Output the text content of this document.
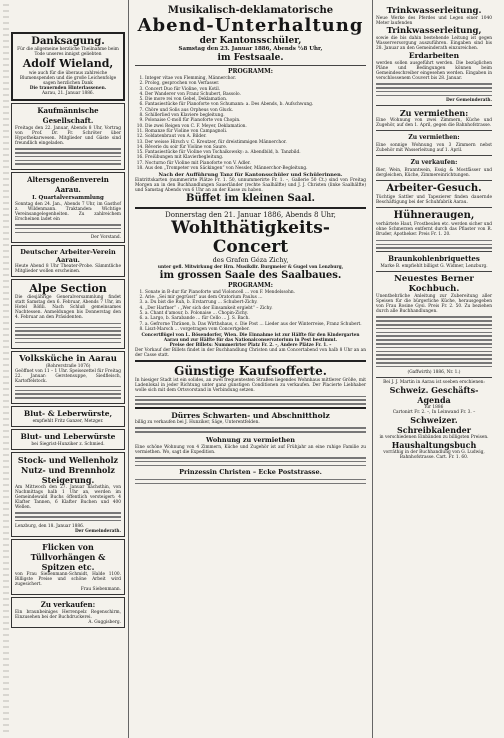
Danksagung.
Für die allgemeine herzliche Theilnahme beim Tode unseres innigst geliebten
Adolf Wieland,
wie auch für die überaus zahlreiche Blumenspenden und die große Leichenfolge sagen herzlichen Dank
Die trauernden Hinterlassenen.
Aarau, 21. Januar 1886.
Kaufmännische Gesellschaft.
Freitags den 22. Januar, Abends 8 Uhr, Vortrag von Prof. Dr. Fr. Schröter über Hypothekarwesen. Mitglieder und Gäste sind freundlich eingeladen.
Altersgenoßenverein Aarau.
I. Quartalversammlung
Sonntag den 24. Jan., Abends 7 Uhr, im Gasthof z. Wildenmann. Traktanden: Wichtige Vereinsangelegenheiten. Zu zahlreichem Erscheinen ladet ein
Der Vorstand.
Deutscher Arbeiter-Verein Aarau.
Heute Abend 8 Uhr Theater-Probe. Sämmtliche Mitglieder wollen erscheinen.
Alpe Section
Die diesjährige Generalversammlung findet statt Samstag den 6. Februar, Abends 7 Uhr, im Hotel Rößli. Nach Schluß gemeinsames Nachtessen. Anmeldungen bis Donnerstag den 4. Februar an den Präsidenten.
Volksküche in Aarau
(Rohrerstraße 1076)
Geöffnet von 11 – 1 Uhr. Speisezettel für Freitag 22. Januar: Gerstensuppe, Siedfleisch, Kartoffelstock.
Blut- & Leberwürste,
empfiehlt Fritz Ganzer, Metzger.
Blut- und Leberwürste
bei Siegrist-Hunziker z. Schmied.
Stock- und Wellenholz
Nutz- und Brennholz
Steigerung.
Am Mittwoch den 27. Januar nächsthin, von Nachmittags halb 1 Uhr an, werden im Gemeindewald Buchs öffentlich versteigert: 4 Klafter Tannen, 6 Klafter Buchen und 400 Wellen.
Lenzburg, den 18. Januar 1886.
Der Gemeinderath.
Flicken von Tüllvorhängen & Spitzen etc.
von Frau Siebenmann-Schmidt, Halde 1100. Billigste Preise und schöne Arbeit wird zugesichert.
Frau Siebenmann.
Zu verkaufen:
Ein braunbeiniges Herrenpelz Regenschirm, Einzusehen bei der Buchdruckerei.
A. Guggisberg.
Musikalisch-deklamatorische
Abend-Unterhaltung
der Kantonsschüler,
Samstag den 23. Januar 1886, Abends ½8 Uhr,
im Festsaale.
PROGRAMM:
1. Integer vitae von Flemming, Männerchor.
2. Prolog, gesprochen von Verfasser.
3. Concert Duo für Violine, von Kotil.
4. Der Wanderer von Franz Schubert, Bassolo.
5. Die more rei von Gebel, Deklamation.
6. Fantasiestücke für Pianoforte von Schumann: a. Des Abends, b. Aufschwung.
7. Chöre und Solis aus Orpheus von Gluck.
8. Schillerlied von Klaviere begleitung.
9. Polonaise C-moll für Pianoforte von Chopin.
10. Die zwei Reigen von C. F. Meyer, Deklamation.
11. Romanze für Violine von Campagnoli.
12. Soldatenbraut von A. Bilder.
13. Der weisse Hirsch v. C. Kreutzer, für dreistimmigen Männerchor.
14. Rêverie du soir für Violine von Saure.
15. Fantasiestücke für Violine von Tschaikowsky: a. Abendbild, b. Tanzbild.
16. Freiübungen mit Klavierbegleitung.
17. Nocturno für Violine mit Pianoforte von V. Adler.
18. Aus den „Trompeter von Säckingen“ von Nessler, Männerchor-Begleitung.
Nach der Aufführung Tanz für Kantonsschüler und Schülerinnen.
Eintrittskarten (nummerirte Plätze Fr. 1. 50, unnummerirte Fr. 1. –, Gallerie 50 Ct.) sind von Freitag Morgen an in den Buchhandlungen Sauerländer (rechte Saalhälfte) und J. J. Christen (linke Saalhälfte) und Samstag Abends von 6 Uhr an an der Kasse zu haben.
Büffet im kleinen Saal.
Donnerstag den 21. Januar 1886, Abends 8 Uhr,
Wohlthätigkeits-Concert
des Grafen Géza Zichy,
unter gefl. Mitwirkung der Hrn. Musikdir. Burgmeier & Gugel von Lenzburg,
im grossen Saale des Saalbaues.
PROGRAMM:
1. Sonate in B-dur für Pianoforte und Violoncell … von F. Mendelssohn.
2. Arie: „Sei mir gegrüsst“ aus dem Oratorium Paulus …
3. a. Du bist die Ruh, b. Erstarrung … Schubert-Zichy.
4. „Der Harfner“ : „Wer sich der Einsamkeit ergiebt“ – Zichy.
5. a. Chant d'amour, b. Polonaise … Chopin-Zichy.
6. a. Largo, b. Sarabande … für Cello … J. S. Bach.
7. a. Gefrorne Thränen, b. Das Wirthshaus, c. Die Post … Lieder aus der Winterreise, Franz Schubert.
8. Liszt-Marsch … vorgetragen vom Concertgeber.
Concertflügel von L. Bösendorfer, Wien. Die Einnahme ist zur Hälfte für den Kindergarten Aarau und zur Hälfte für das Nationalconservatorium in Pest bestimmt.
Preise der Billets: Nummerirter Platz Fr. 2. –, Andere Plätze Fr. 1. –
Der Vorkauf der Billets findet in der Buchhandlung Christen und am Concertabend von halb 8 Uhr an an der Casse statt.
Günstige Kaufsofferte.
In hiesiger Stadt ist ein solides, an zwei frequentesten Straßen liegendes Wohnhaus mittlerer Größe, mit Ladenlokal in jeder Richtung unter ganz günstigen Conditionen zu verkaufen. Der Placierte Liebhaber wolle sich mit dem Ortsvorstand in Verbindung setzen.
Dürres Schwarten- und Abschnittholz
billig zu verkaufen bei J. Hunziker, Säge, Unterentfelden.
Wohnung zu vermiethen
Eine schöne Wohnung von 4 Zimmern, Küche und Zugehör ist auf Frühjahr an eine ruhige Familie zu vermiethen. Wo, sagt die Expedition.
Prinzessin Christen – Ecke Poststrasse.
Trinkwasserleitung.
Neue Werke des Pferdes und Legen einer 1040 Meter laufenden
Trinkwasserleitung,
sowie die bis dahin bestehende Leitung ist gegen Wasserversorgung auszuführen. Eingaben sind bis 28. Januar an den Gemeinderath einzureichen.
Erdarbeiten
werden sollen ausgeführt werden. Die bezüglichen Pläne und Bedingungen können beim Gemeindeschreiber eingesehen werden. Eingaben in verschlossenem Couvert bis 28. Januar.
Der Gemeinderath.
Zu vermiethen:
Eine Wohnung von zwei Zimmern, Küche und Zugehör, auf den 1. April, gegen die Bahnhofstrasse.
Zu vermiethen:
Eine sonnige Wohnung von 3 Zimmern nebst Zubehör mit Wasserleitung auf 1. April.
Zu verkaufen:
Bier, Wein, Branntwein, Essig & Mostfässer und dergleichen, Küche, Zimmereinrichtungen.
Arbeiter-Gesuch.
Tüchtige Sattler und Tapezierer finden dauernde Beschäftigung bei der Schuhfabrik Aarau.
Hühneraugen,
verhärtete Haut, Frostbeulen etc. werden sicher und ohne Schmerzen entfernt durch das Pflaster von R. Bruder, Apotheker. Preis Fr. 1. 20.
Braunkohlenbriquettes
Marke B. empfiehlt billigst G. Widmer, Lenzburg.
Neuestes Berner Kochbuch.
Unentbehrliche Anleitung zur Zubereitung aller Speisen für die bürgerliche Küche, herausgegeben von Frau Rosine Gysi. Preis Fr. 2. 50. Zu beziehen durch alle Buchhandlungen.
(Gaffwirth) 1886, Nr. 1.)
Bei J. J. Martin in Aarau ist soeben erschienen:
Schweiz. Geschäfts-Agenda
für 1886
Cartonirt Fr. 2. –, In Leinwand Fr. 3. –
Schweizer. Schreibkalender
in verschiedenen Einbänden zu billigsten Preisen.
Haushaltungsbuch
vorräthig in der Buchhandlung von G. Ludwig, Bahnhofstrasse. Cart. Fr. 1. 60.
